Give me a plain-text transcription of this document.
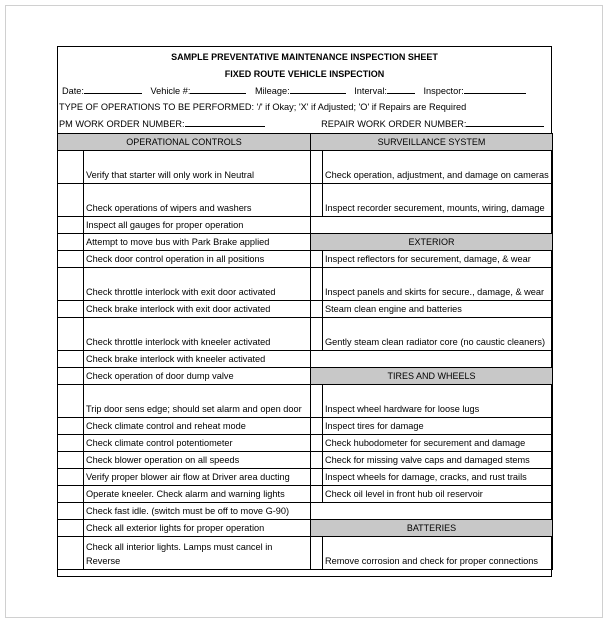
SAMPLE PREVENTATIVE MAINTENANCE INSPECTION SHEET
FIXED ROUTE VEHICLE INSPECTION
Date:	Vehicle #:	Mileage:	Interval:	Inspector:
TYPE OF OPERATIONS TO BE PERFORMED: '/' if Okay; 'X' if Adjusted; 'O' if Repairs are Required
PM WORK ORDER NUMBER:	REPAIR WORK ORDER NUMBER:
OPERATIONAL CONTROLS		SURVEILLANCE SYSTEM	
	Verify that starter will only work in Neutral		Check operation, adjustment, and damage on cameras
	Check operations of wipers and washers		Inspect recorder securement, mounts, wiring, damage
	Inspect all gauges for proper operation		
	Attempt to move bus with Park Brake applied	EXTERIOR	
	Check door control operation in all positions		Inspect reflectors for securement, damage, & wear
	Check throttle interlock with exit door activated		Inspect panels and skirts for secure., damage, & wear
	Check brake interlock with exit door activated		Steam clean engine and batteries
	Check throttle interlock with kneeler activated		Gently steam clean radiator core (no caustic cleaners)
	Check brake interlock with kneeler activated		
	Check operation of door dump valve	TIRES AND WHEELS	
	Trip door sens edge; should set alarm and open door		Inspect wheel hardware for loose lugs
	Check climate control and reheat mode		Inspect tires for damage
	Check climate control potentiometer		Check hubodometer for securement and damage
	Check blower operation on all speeds		Check for missing valve caps and damaged stems
	Verify proper blower air flow at Driver area ducting		Inspect wheels for damage, cracks, and rust trails
	Operate kneeler. Check alarm and warning lights		Check oil level in front hub oil reservoir
	Check fast idle. (switch must be off to move G-90)		
	Check all exterior lights for proper operation	BATTERIES	
	Check all interior lights. Lamps must cancel in Reverse		Remove corrosion and check for proper connections
